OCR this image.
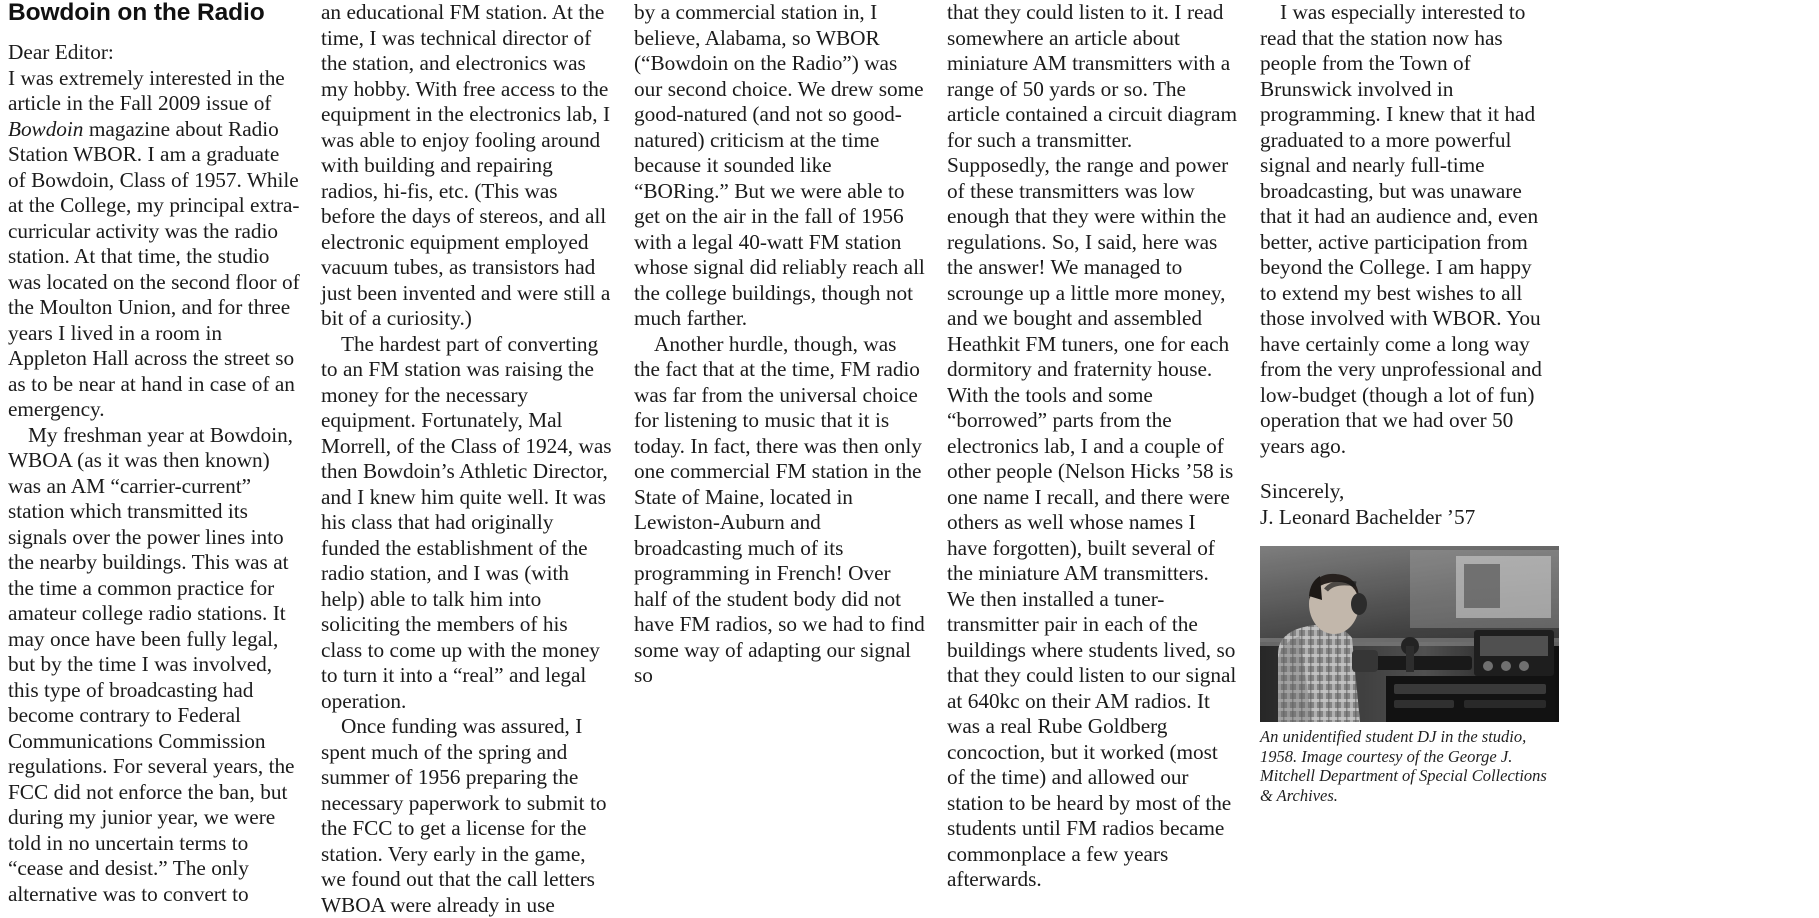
Bowdoin on the Radio

Dear Editor:

I was extremely interested in the article in the Fall 2009 issue of Bowdoin magazine about Radio Station WBOR. I am a graduate of Bowdoin, Class of 1957. While at the College, my principal extra-curricular activity was the radio station. At that time, the studio was located on the second floor of the Moulton Union, and for three years I lived in a room in Appleton Hall across the street so as to be near at hand in case of an emergency.

My freshman year at Bowdoin, WBOA (as it was then known) was an AM “carrier-current” station which transmitted its signals over the power lines into the nearby buildings. This was at the time a common practice for amateur college radio stations. It may once have been fully legal, but by the time I was involved, this type of broadcasting had become contrary to Federal Communications Commission regulations. For several years, the FCC did not enforce the ban, but during my junior year, we were told in no uncertain terms to “cease and desist.” The only alternative was to convert to

an educational FM station. At the time, I was technical director of the station, and electronics was my hobby. With free access to the equipment in the electronics lab, I was able to enjoy fooling around with building and repairing radios, hi-fis, etc. (This was before the days of stereos, and all electronic equipment employed vacuum tubes, as transistors had just been invented and were still a bit of a curiosity.)

The hardest part of converting to an FM station was raising the money for the necessary equipment. Fortunately, Mal Morrell, of the Class of 1924, was then Bowdoin’s Athletic Director, and I knew him quite well. It was his class that had originally funded the establishment of the radio station, and I was (with help) able to talk him into soliciting the members of his class to come up with the money to turn it into a “real” and legal operation.

Once funding was assured, I spent much of the spring and summer of 1956 preparing the necessary paperwork to submit to the FCC to get a license for the station. Very early in the game, we found out that the call letters WBOA were already in use

by a commercial station in, I believe, Alabama, so WBOR (“Bowdoin on the Radio”) was our second choice. We drew some good-natured (and not so good-natured) criticism at the time because it sounded like “BORing.” But we were able to get on the air in the fall of 1956 with a legal 40-watt FM station whose signal did reliably reach all the college buildings, though not much farther.

Another hurdle, though, was the fact that at the time, FM radio was far from the universal choice for listening to music that it is today. In fact, there was then only one commercial FM station in the State of Maine, located in Lewiston-Auburn and broadcasting much of its programming in French! Over half of the student body did not have FM radios, so we had to find some way of adapting our signal so

that they could listen to it. I read somewhere an article about miniature AM transmitters with a range of 50 yards or so. The article contained a circuit diagram for such a transmitter. Supposedly, the range and power of these transmitters was low enough that they were within the regulations. So, I said, here was the answer! We managed to scrounge up a little more money, and we bought and assembled Heathkit FM tuners, one for each dormitory and fraternity house. With the tools and some “borrowed” parts from the electronics lab, I and a couple of other people (Nelson Hicks ’58 is one name I recall, and there were others as well whose names I have forgotten), built several of the miniature AM transmitters. We then installed a tuner-transmitter pair in each of the buildings where students lived, so that they could listen to our signal at 640kc on their AM radios. It was a real Rube Goldberg concoction, but it worked (most of the time) and allowed our station to be heard by most of the students until FM radios became commonplace a few years afterwards.

I was especially interested to read that the station now has people from the Town of Brunswick involved in programming. I knew that it had graduated to a more powerful signal and nearly full-time broadcasting, but was unaware that it had an audience and, even better, active participation from beyond the College. I am happy to extend my best wishes to all those involved with WBOR. You have certainly come a long way from the very unprofessional and low-budget (though a lot of fun) operation that we had over 50 years ago.

Sincerely,
J. Leonard Bachelder ’57
An unidentified student DJ in the studio, 1958. Image courtesy of the George J. Mitchell Department of Special Collections & Archives.
